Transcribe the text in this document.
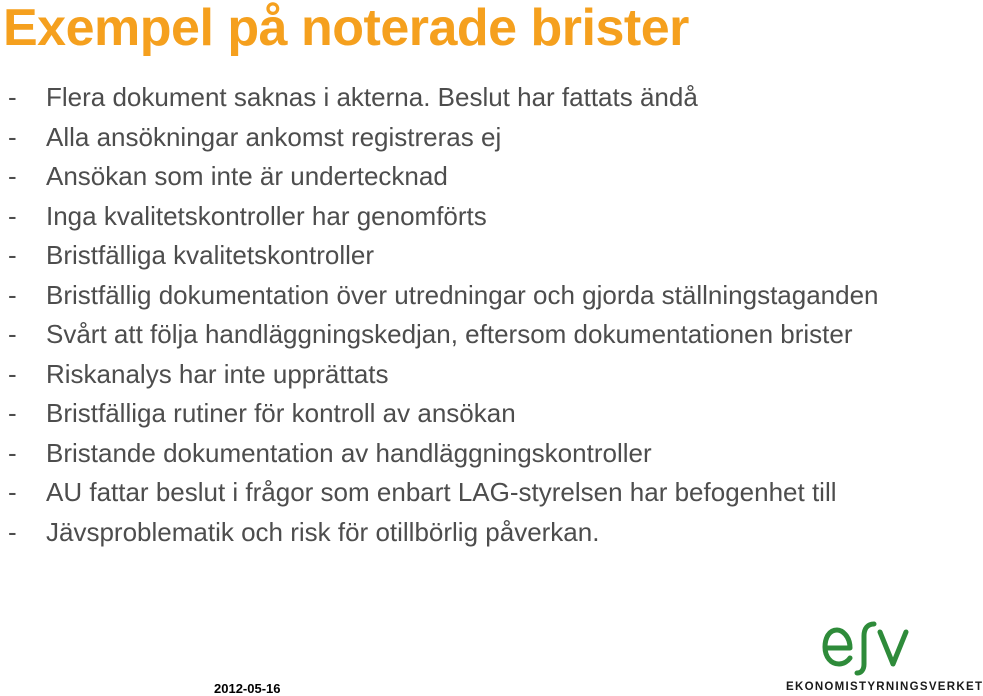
Exempel på noterade brister
-	Flera dokument saknas i akterna. Beslut har fattats ändå
-	Alla ansökningar ankomst registreras ej
-	Ansökan som inte är undertecknad
-	Inga kvalitetskontroller har genomförts
-	Bristfälliga kvalitetskontroller
-	Bristfällig dokumentation över utredningar och gjorda ställningstaganden
-	Svårt att följa handläggningskedjan, eftersom dokumentationen brister
-	Riskanalys har inte upprättats
-	Bristfälliga rutiner för kontroll av ansökan
-	Bristande dokumentation av handläggningskontroller
-	AU fattar beslut i frågor som enbart LAG-styrelsen har befogenhet till
-	Jävsproblematik och risk för otillbörlig påverkan.
2012-05-16	EKONOMISTYRNINGSVERKET
